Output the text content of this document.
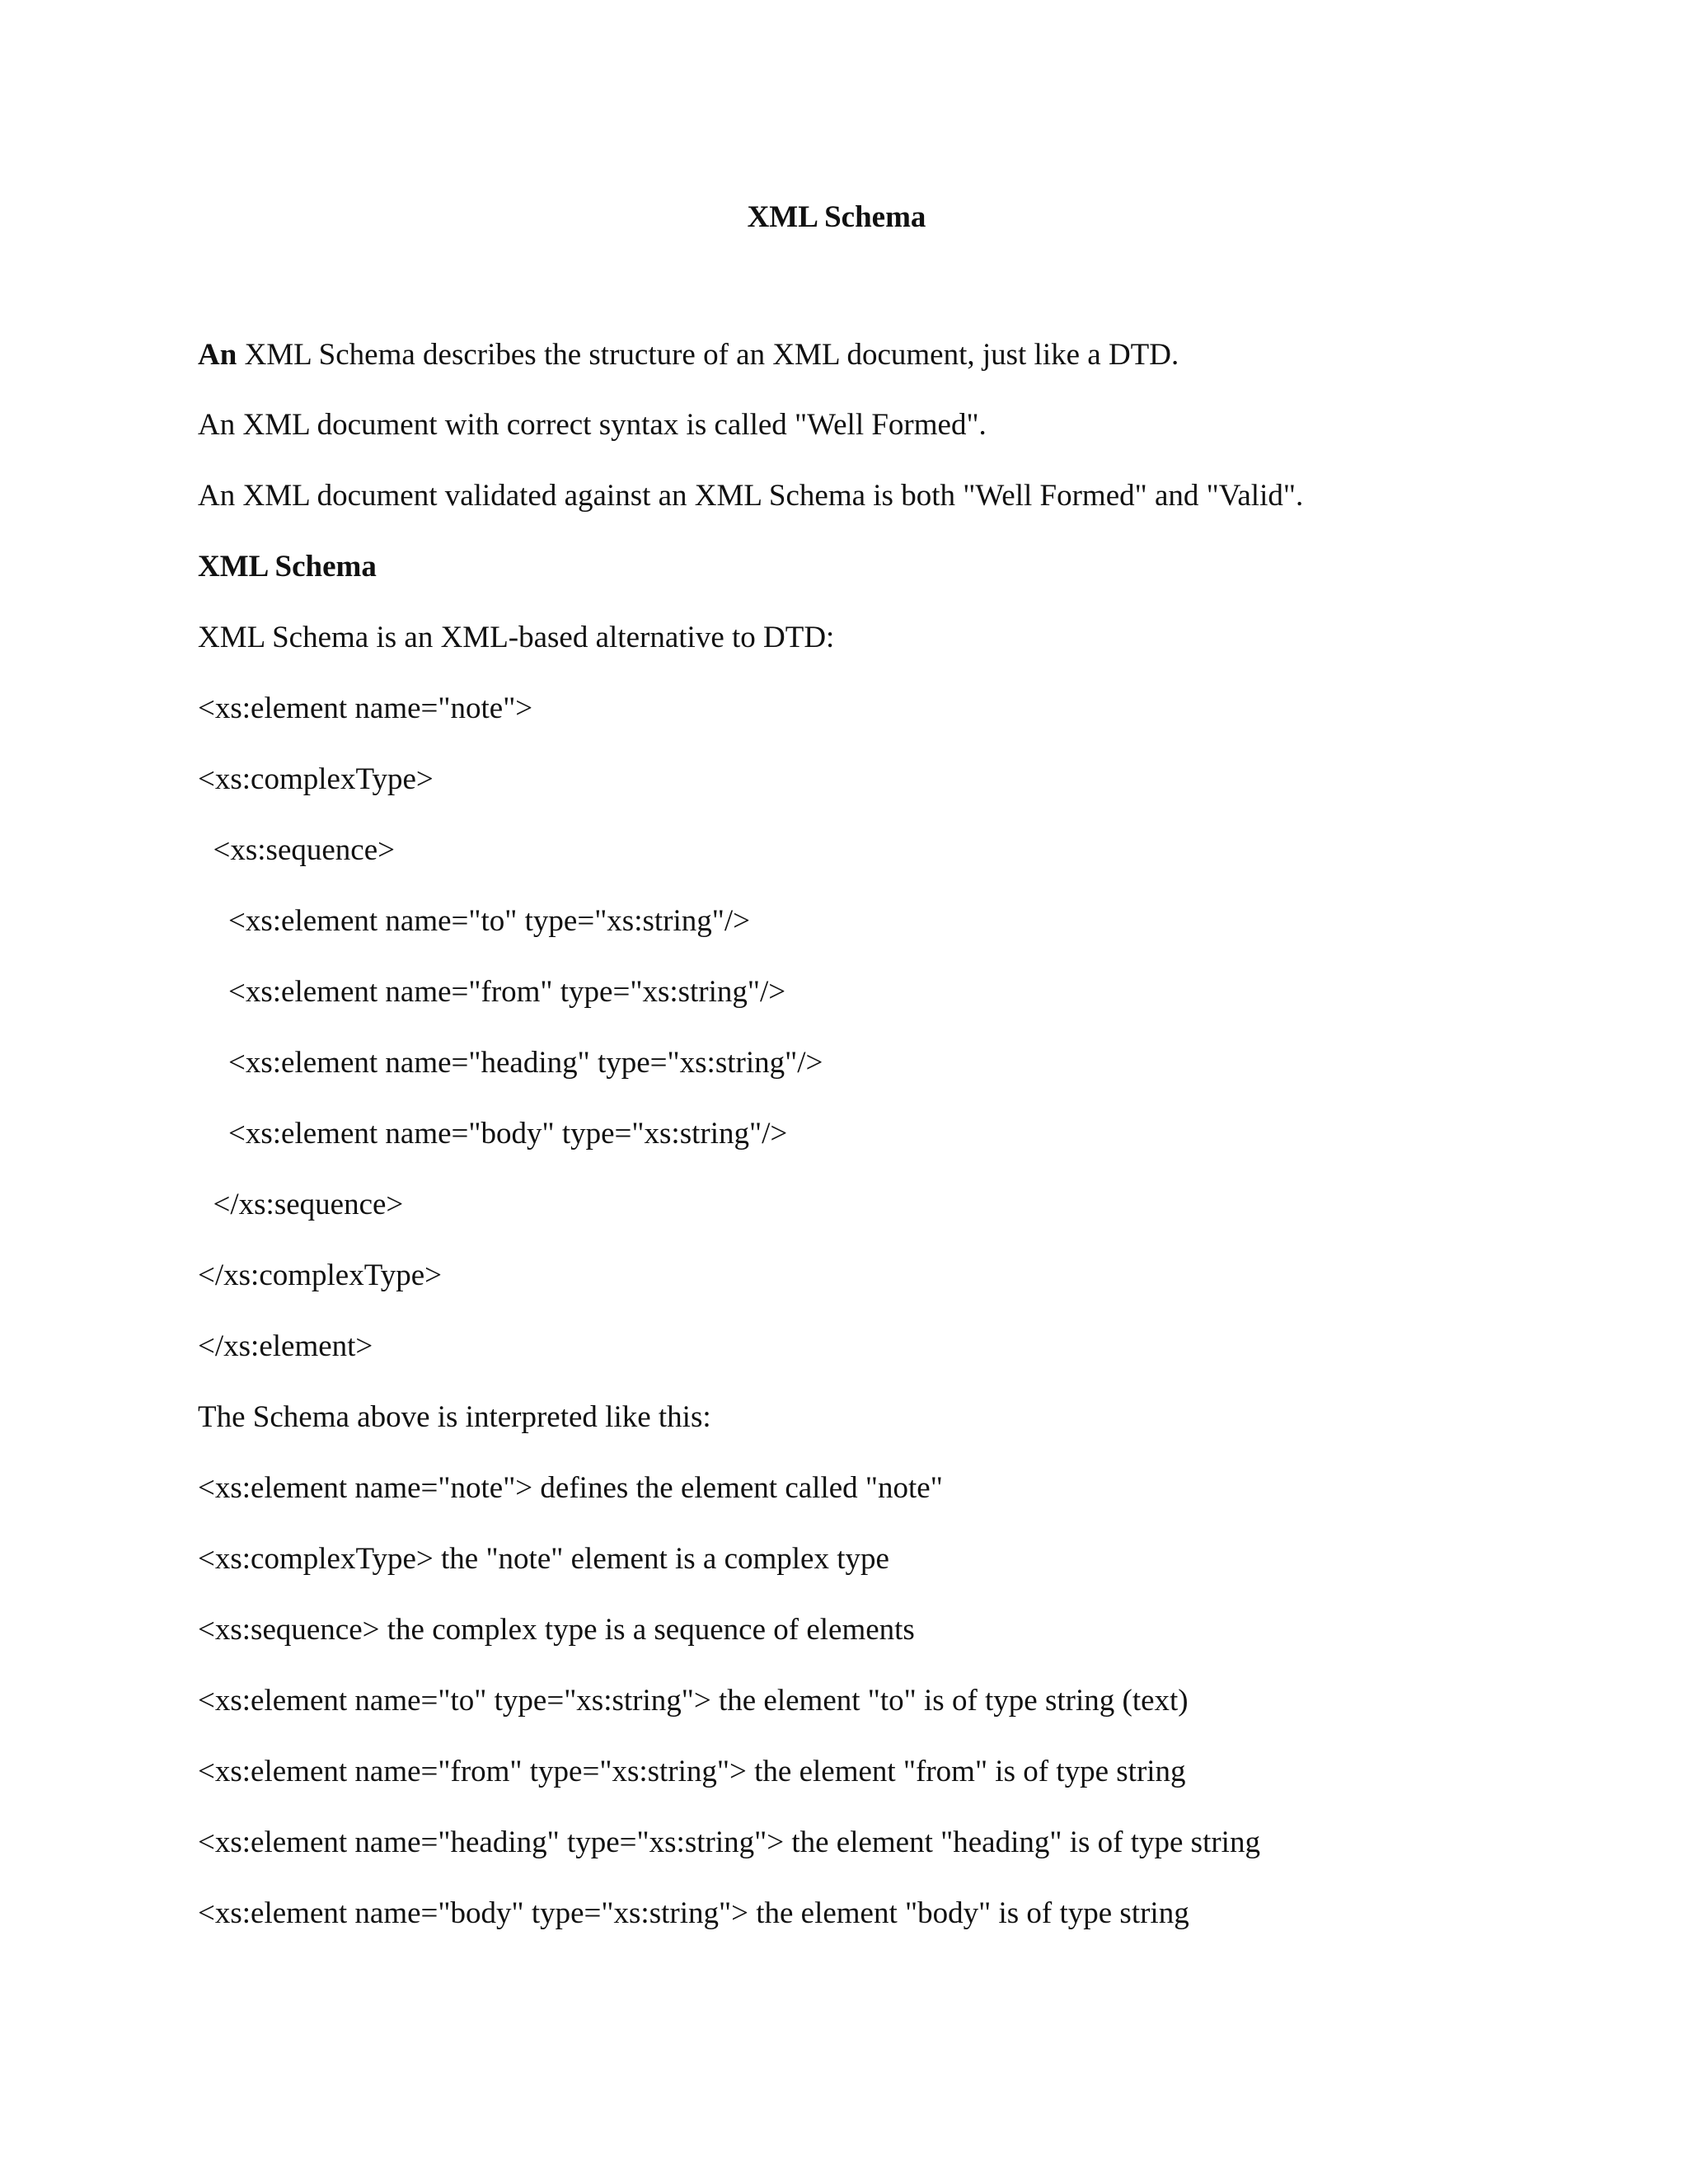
XML Schema
An XML Schema describes the structure of an XML document, just like a DTD.
An XML document with correct syntax is called "Well Formed".
An XML document validated against an XML Schema is both "Well Formed" and "Valid".
XML Schema
XML Schema is an XML-based alternative to DTD:
<xs:element name="note">
<xs:complexType>
<xs:sequence>
<xs:element name="to" type="xs:string"/>
<xs:element name="from" type="xs:string"/>
<xs:element name="heading" type="xs:string"/>
<xs:element name="body" type="xs:string"/>
</xs:sequence>
</xs:complexType>
</xs:element>
The Schema above is interpreted like this:
<xs:element name="note"> defines the element called "note"
<xs:complexType> the "note" element is a complex type
<xs:sequence> the complex type is a sequence of elements
<xs:element name="to" type="xs:string"> the element "to" is of type string (text)
<xs:element name="from" type="xs:string"> the element "from" is of type string
<xs:element name="heading" type="xs:string"> the element "heading" is of type string
<xs:element name="body" type="xs:string"> the element "body" is of type string
